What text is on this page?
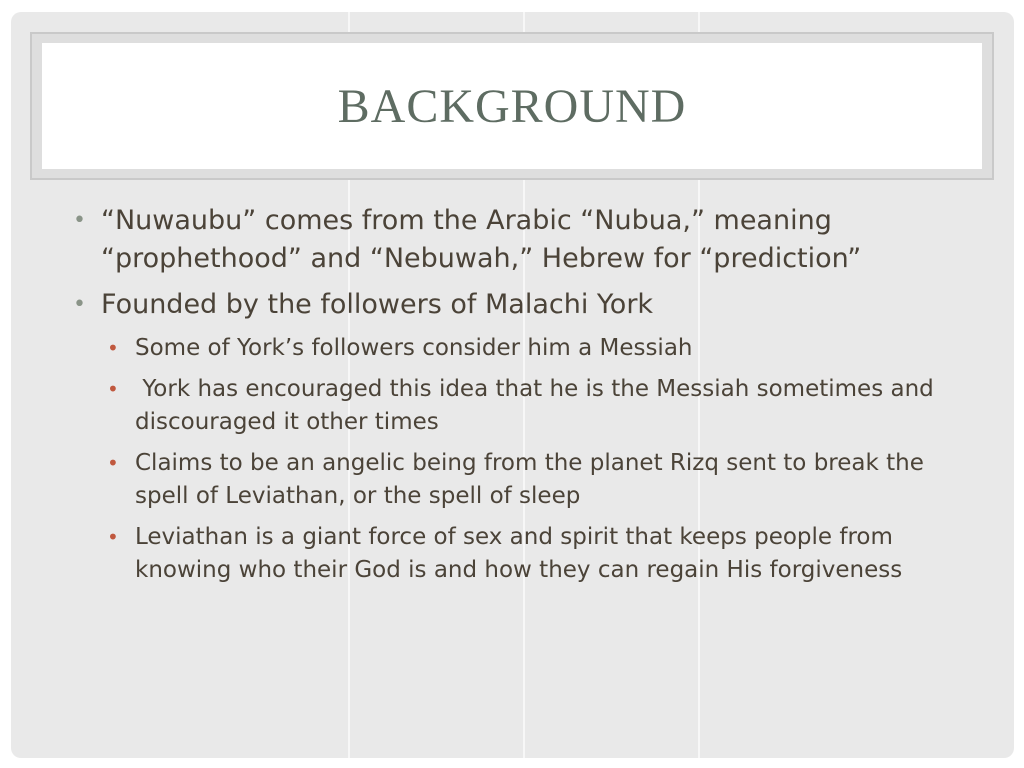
BACKGROUND
• “Nuwaubu” comes from the Arabic “Nubua,” meaning “prophethood” and “Nebuwah,” Hebrew for “prediction”
• Founded by the followers of Malachi York
• Some of York’s followers consider him a Messiah
• York has encouraged this idea that he is the Messiah sometimes and discouraged it other times
• Claims to be an angelic being from the planet Rizq sent to break the spell of Leviathan, or the spell of sleep
• Leviathan is a giant force of sex and spirit that keeps people from knowing who their God is and how they can regain His forgiveness
